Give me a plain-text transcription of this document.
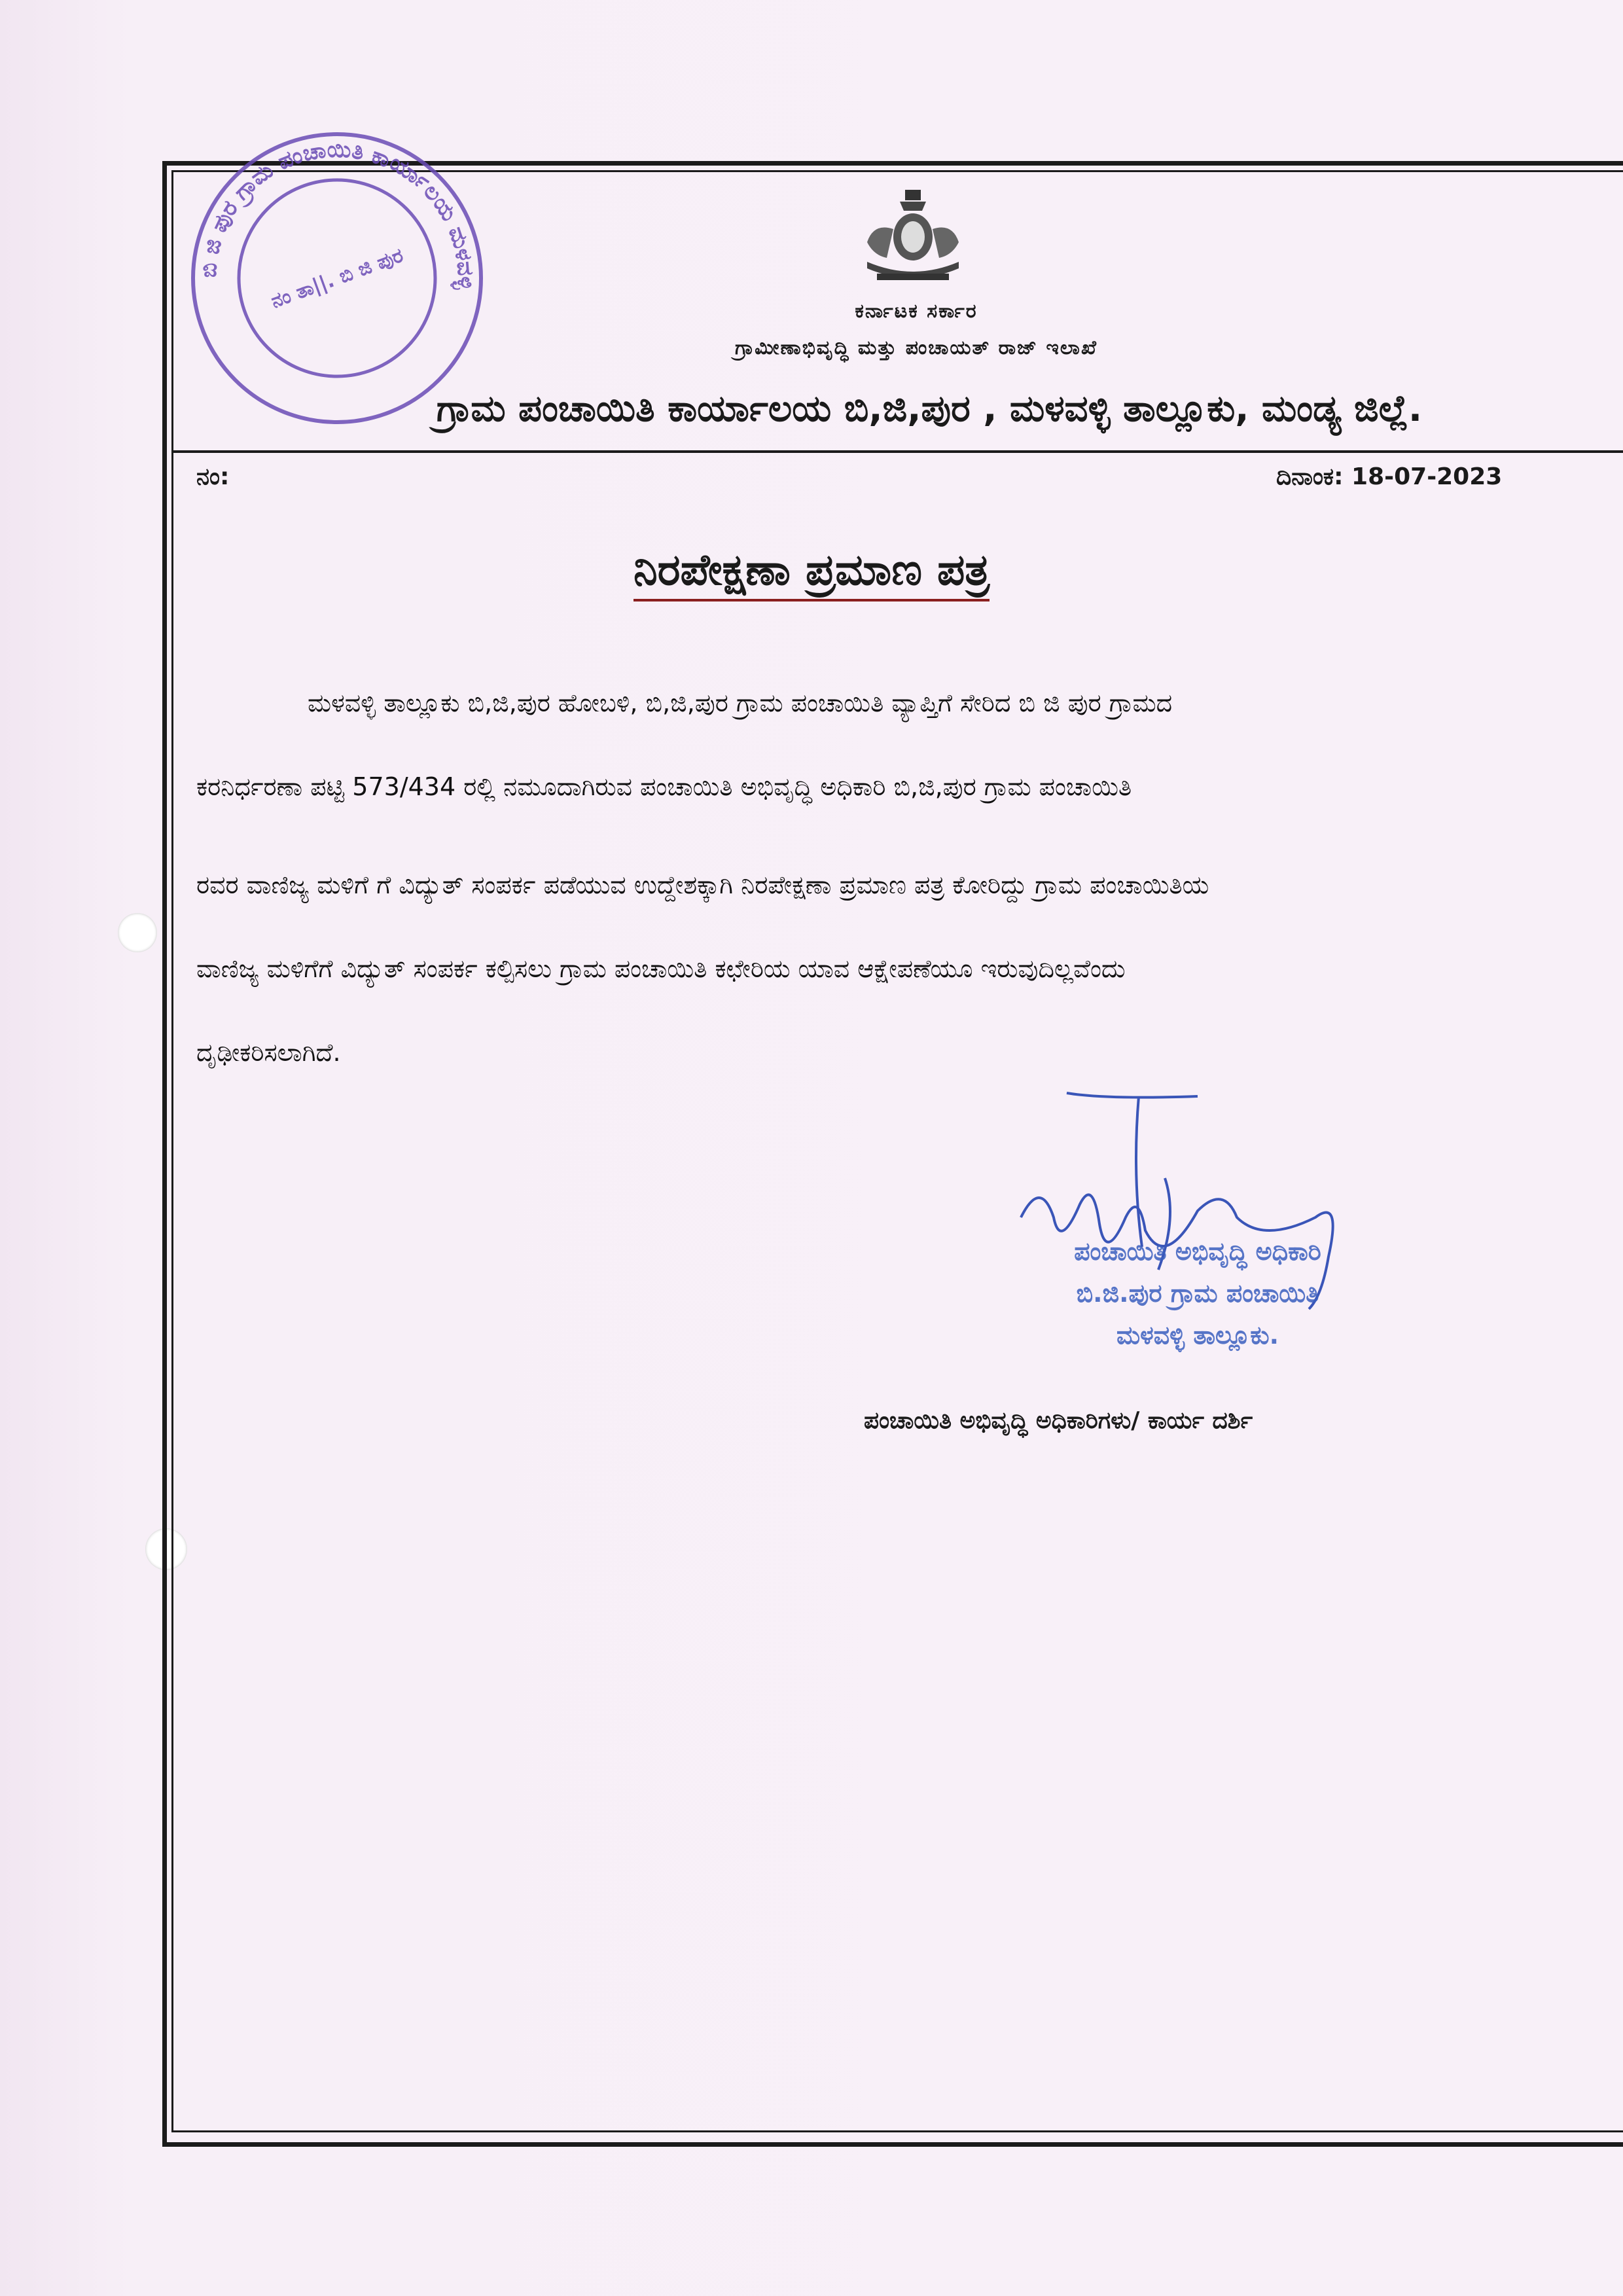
ಕರ್ನಾಟಕ ಸರ್ಕಾರ
ಗ್ರಾಮೀಣಾಭಿವೃದ್ಧಿ ಮತ್ತು ಪಂಚಾಯತ್ ರಾಜ್ ಇಲಾಖೆ
ಗ್ರಾಮ ಪಂಚಾಯಿತಿ ಕಾರ್ಯಾಲಯ ಬಿ,ಜಿ,ಪುರ , ಮಳವಳ್ಳಿ ತಾಲ್ಲೂಕು, ಮಂಡ್ಯ ಜಿಲ್ಲೆ.
ನಂ:	ದಿನಾಂಕ: 18-07-2023
ನಿರಪೇಕ್ಷಣಾ ಪ್ರಮಾಣ ಪತ್ರ
ಮಳವಳ್ಳಿ ತಾಲ್ಲೂಕು ಬಿ,ಜಿ,ಪುರ ಹೋಬಳಿ, ಬಿ,ಜಿ,ಪುರ ಗ್ರಾಮ ಪಂಚಾಯಿತಿ ವ್ಯಾಪ್ತಿಗೆ ಸೇರಿದ ಬಿ ಜಿ ಪುರ ಗ್ರಾಮದ
ಕರನಿರ್ಧರಣಾ ಪಟ್ಟಿ 573/434 ರಲ್ಲಿ ನಮೂದಾಗಿರುವ ಪಂಚಾಯಿತಿ ಅಭಿವೃದ್ಧಿ ಅಧಿಕಾರಿ ಬಿ,ಜಿ,ಪುರ ಗ್ರಾಮ ಪಂಚಾಯಿತಿ
ರವರ ವಾಣಿಜ್ಯ ಮಳಿಗೆ ಗೆ ವಿದ್ಯುತ್ ಸಂಪರ್ಕ ಪಡೆಯುವ ಉದ್ದೇಶಕ್ಕಾಗಿ ನಿರಪೇಕ್ಷಣಾ ಪ್ರಮಾಣ ಪತ್ರ ಕೋರಿದ್ದು ಗ್ರಾಮ ಪಂಚಾಯಿತಿಯ
ವಾಣಿಜ್ಯ ಮಳಿಗೆಗೆ ವಿದ್ಯುತ್ ಸಂಪರ್ಕ ಕಲ್ಪಿಸಲು ಗ್ರಾಮ ಪಂಚಾಯಿತಿ ಕಛೇರಿಯ ಯಾವ ಆಕ್ಷೇಪಣೆಯೂ ಇರುವುದಿಲ್ಲವೆಂದು
ದೃಢೀಕರಿಸಲಾಗಿದೆ.
ಬಿ ಜಿ ಪುರ ಗ್ರಾಮ ಪಂಚಾಯಿತಿ ಕಾರ್ಯಾಲಯ ಮಳವಳ್ಳಿ
ನಂ ತಾ||. ಬಿ ಜಿ ಪುರ
ಪಂಚಾಯಿತಿ ಅಭಿವೃದ್ಧಿ ಅಧಿಕಾರಿ
ಬಿ.ಜಿ.ಪುರ ಗ್ರಾಮ ಪಂಚಾಯಿತಿ
ಮಳವಳ್ಳಿ ತಾಲ್ಲೂಕು.
ಪಂಚಾಯಿತಿ ಅಭಿವೃದ್ಧಿ ಅಧಿಕಾರಿಗಳು/ ಕಾರ್ಯ ದರ್ಶಿ
